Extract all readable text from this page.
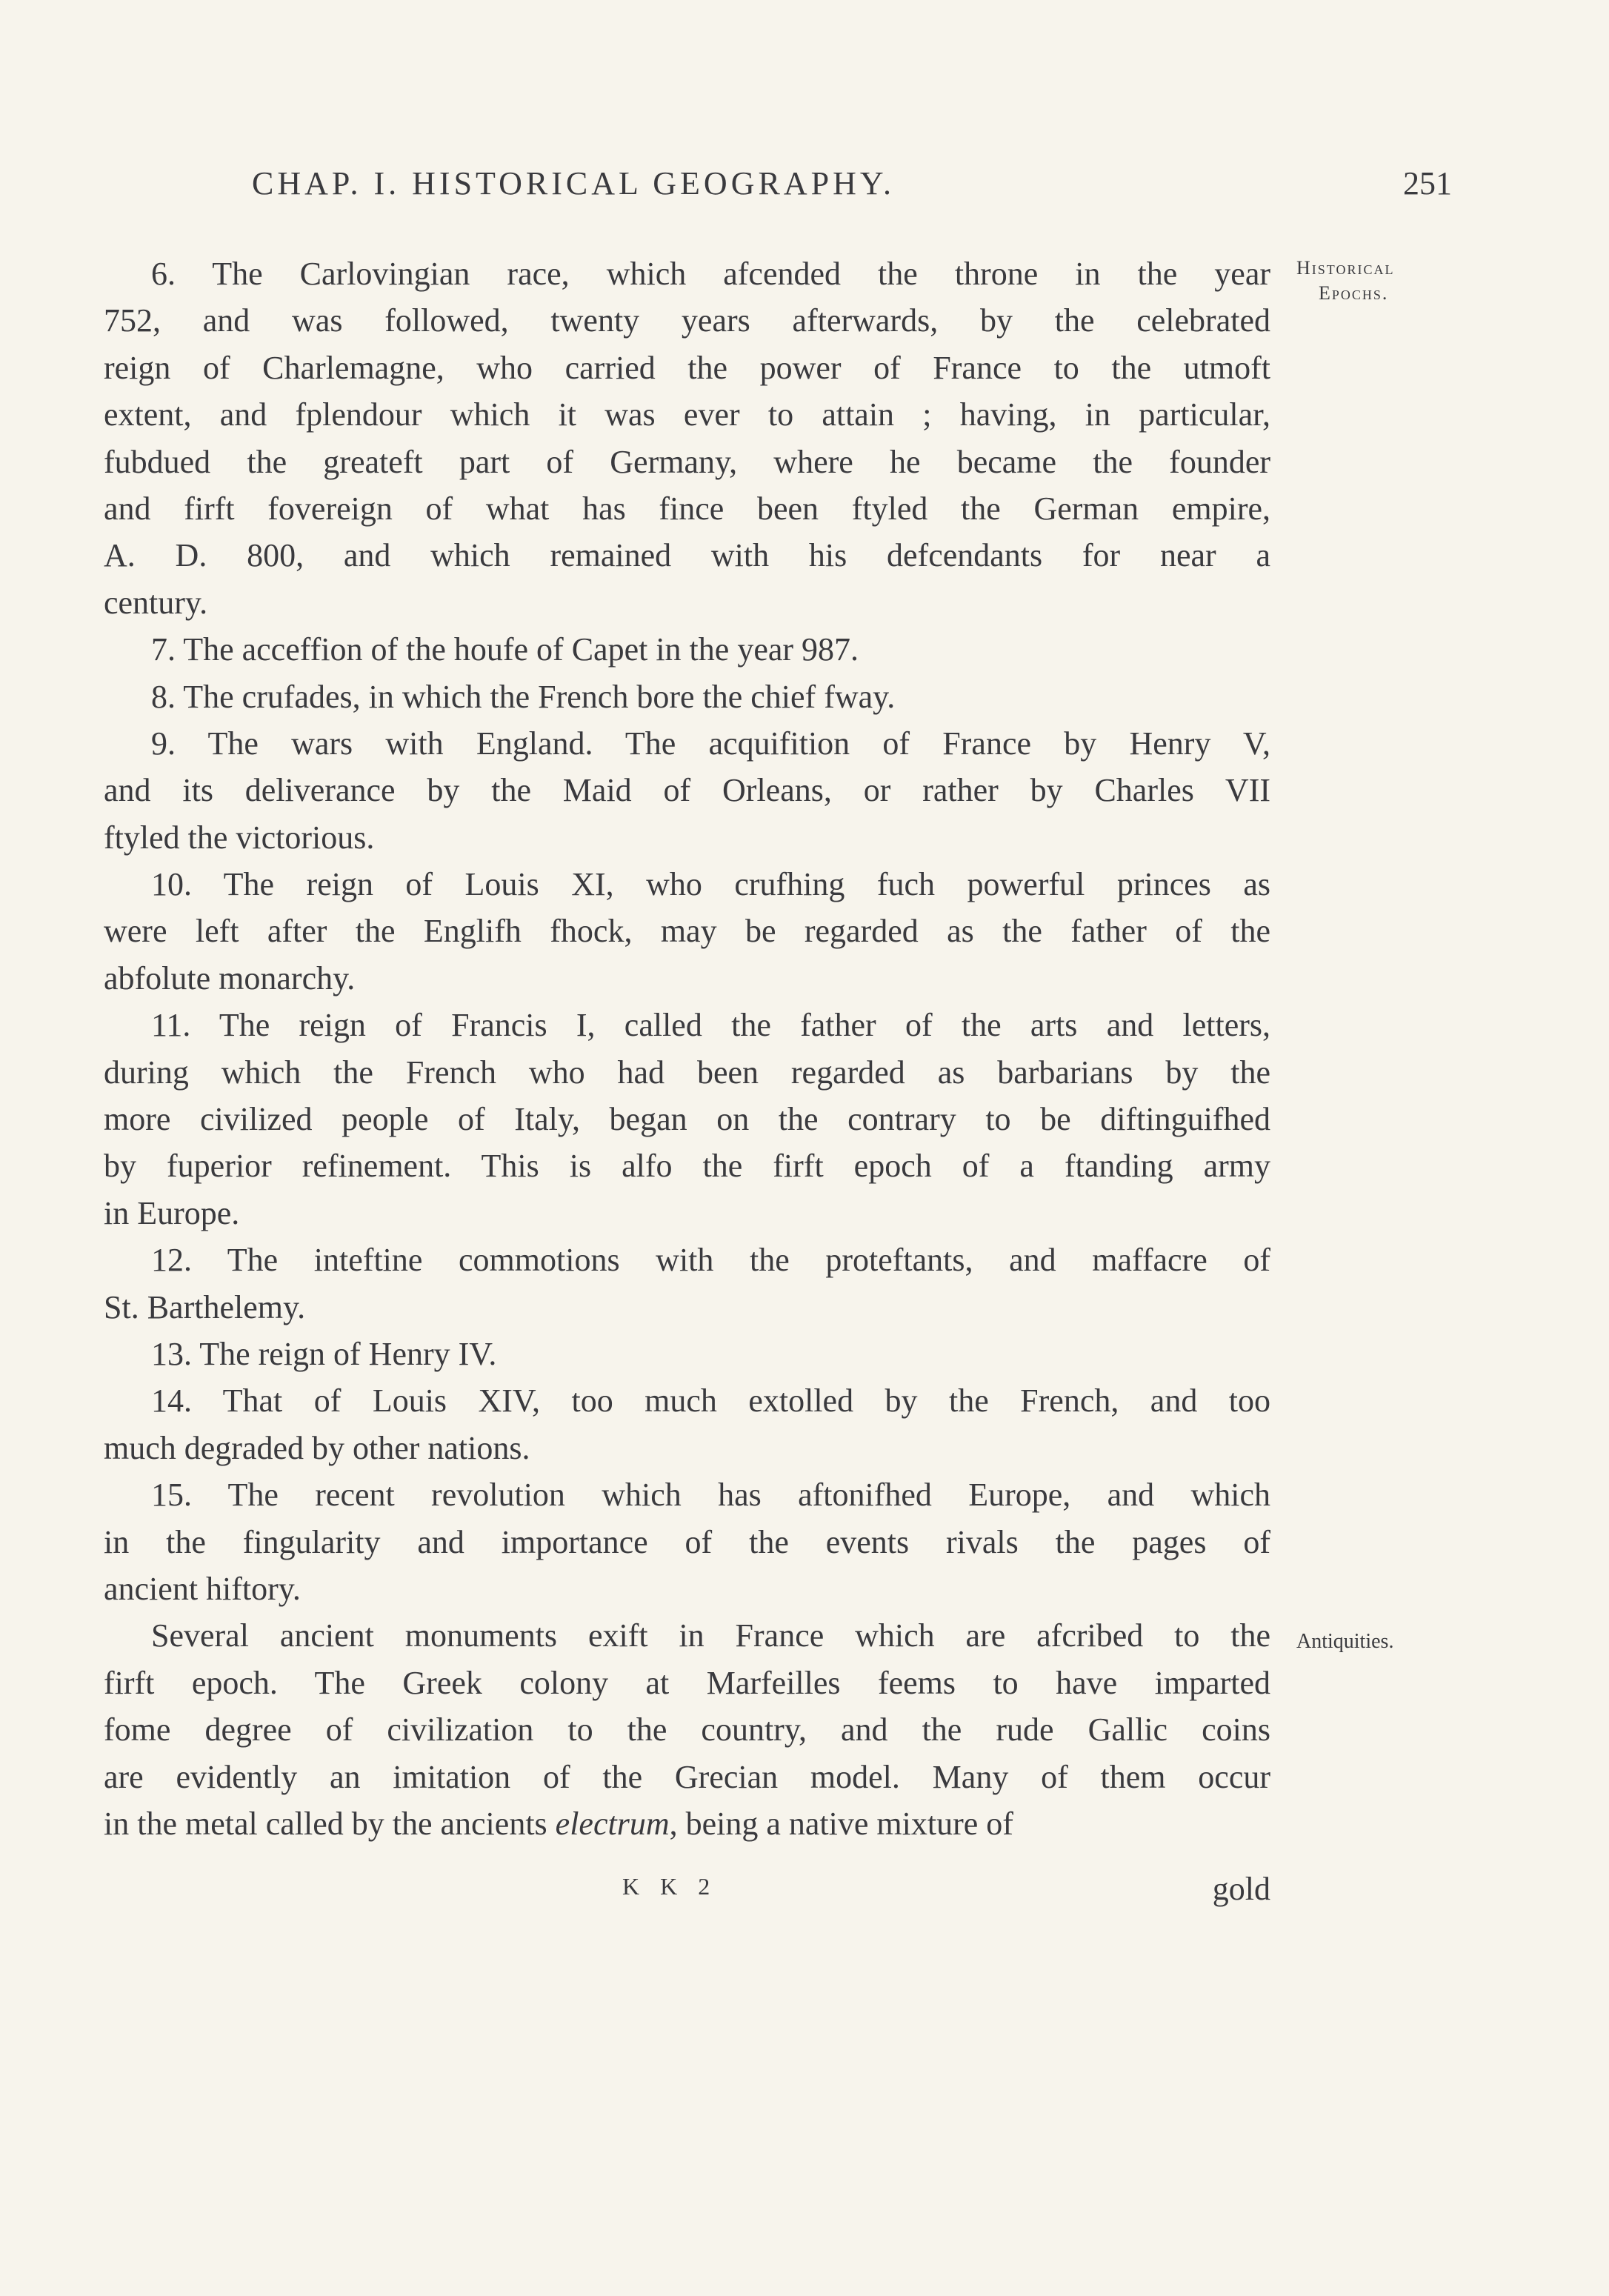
CHAP. I. HISTORICAL GEOGRAPHY.	251
Historical
Epochs.
Antiquities.
6. The Carlovingian race, which afcended the throne in the year
752, and was followed, twenty years afterwards, by the celebrated
reign of Charlemagne, who carried the power of France to the utmoft
extent, and fplendour which it was ever to attain ; having, in particular,
fubdued the greateft part of Germany, where he became the founder
and firft fovereign of what has fince been ftyled the German empire,
A. D. 800, and which remained with his defcendants for near a
century.
7. The acceffion of the houfe of Capet in the year 987.
8. The crufades, in which the French bore the chief fway.
9. The wars with England. The acquifition of France by Henry V,
and its deliverance by the Maid of Orleans, or rather by Charles VII
ftyled the victorious.
10. The reign of Louis XI, who crufhing fuch powerful princes as
were left after the Englifh fhock, may be regarded as the father of the
abfolute monarchy.
11. The reign of Francis I, called the father of the arts and letters,
during which the French who had been regarded as barbarians by the
more civilized people of Italy, began on the contrary to be diftinguifhed
by fuperior refinement. This is alfo the firft epoch of a ftanding army
in Europe.
12. The inteftine commotions with the proteftants, and maffacre of
St. Barthelemy.
13. The reign of Henry IV.
14. That of Louis XIV, too much extolled by the French, and too
much degraded by other nations.
15. The recent revolution which has aftonifhed Europe, and which
in the fingularity and importance of the events rivals the pages of
ancient hiftory.
Several ancient monuments exift in France which are afcribed to the
firft epoch. The Greek colony at Marfeilles feems to have imparted
fome degree of civilization to the country, and the rude Gallic coins
are evidently an imitation of the Grecian model. Many of them occur
in the metal called by the ancients electrum, being a native mixture of
K K 2	gold
